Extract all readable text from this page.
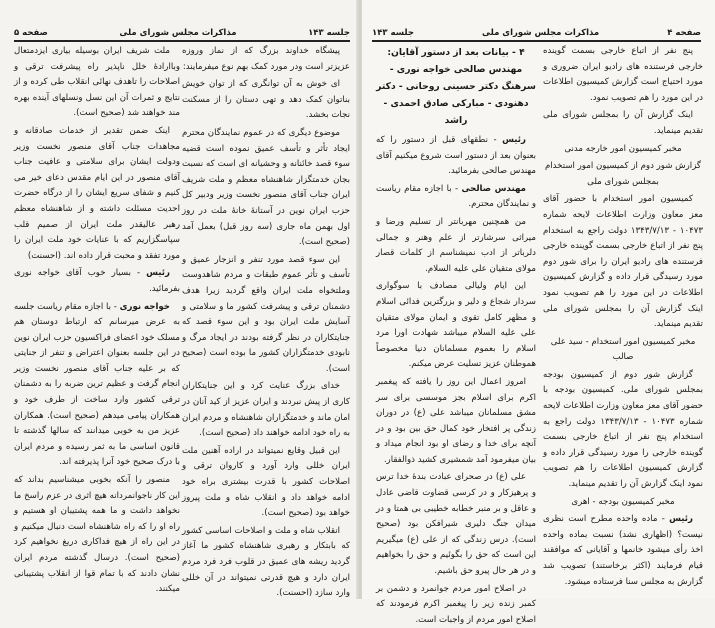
جلسه ۱۴۳
مذاکرات مجلس شورای ملی
صفحه ۵

پیشگاه خداوند بزرگ که از نماز وروزه عزیزتر است ودر مورد کمک بهم نوع میفرمایند:

ای خوش به آن توانگری که از توان خویش بناتوان کمک دهد و تهی دستان را از مسکنت نجات بخشد.

موضوع دیگری که در عموم نمایندگان محترم ایجاد تأثر و تأسف عمیق نموده است قضیه سوء قصد خائنانه و وحشیانه ای است که نسبت بجان خدمتگزار شاهنشاه معظم و ملت شریف ایران جناب آقای منصور نخست وزیر ودبیر کل حزب ایران نوین در آستانهٔ خانهٔ ملت در روز اول بهمن ماه جاری (سه روز قبل) بعمل آمد (صحیح است).

این سوء قصد مورد تنفر و انزجار عمیق و تأسف و تأثر عموم طبقات و مردم شاهدوست وملتخواه ملت ایران واقع گردید زیرا هدف دشمنان ترقی و پیشرفت کشور ما و سلامتی و آسایش ملت ایران بود و این سوء قصد که جنایتکاران در نظر گرفته بودند در ایجاد مرگ و نابودی خدمتگزاران کشور ما بوده است (صحیح است).

خدای بزرگ عنایت کرد و این جنایتکاران کاری از پیش نبردند و ایران عزیز از کید آنان در امان ماند و خدمتگزاران شاهنشاه و مردم ایران به راه خود ادامه خواهند داد (صحیح است).

این قبیل وقایع نمیتواند در اراده آهنین ملت ایران خللی وارد آورد و کاروان ترقی و اصلاحات کشور با قدرت بیشتری براه خود ادامه خواهد داد و انقلاب شاه و ملت پیروز خواهد بود (صحیح است).

انقلاب شاه و ملت و اصلاحات اساسی کشور که بابتکار و رهبری شاهنشاه کشور ما آغاز گردید ریشه های عمیق در قلوب فرد فرد مردم ایران دارد و هیچ قدرتی نمیتواند در آن خللی وارد سازد (احسنت).

ملت شریف ایران بوسیله بیاری ایزدمتعال وباارادهٔ خلل ناپذیر راه پیشرفت ترقی و اصلاحات را تاهدف نهائی انقلاب طی کرده و از نتایج و ثمرات آن این نسل ونسلهای آینده بهره مند خواهند شد (صحیح است).

اینک ضمن تقدیر از خدمات صادقانه و مجاهدات جناب آقای منصور نخست وزیر ودولت ایشان برای سلامتی و عافیت جناب آقای منصور در این ایام مقدس دعای خیر می کنیم و شفای سریع ایشان را از درگاه حضرت احدیت مسئلت داشته و از شاهنشاه معظم رهبر عالیقدر ملت ایران از صمیم قلب سپاسگزاریم که با عنایات خود ملت ایران را مورد تفقد و محبت قرار داده اند. (احسنت)

رئیس - بسیار خوب آقای خواجه نوری بفرمائید.

خواجه نوری - با اجازه مقام ریاست جلسه به عرض میرسانم که ارتباط دوستان هم مسلک خود اعضای فراکسیون حزب ایران نوین در این جلسه بعنوان اعتراض و تنفر از جنایتی که بر علیه جناب آقای منصور نخست وزیر انجام گرفت و عظیم ترین ضربه را به دشمنان ترقی کشور وارد ساخت از طرف خود و همکاران پیامی میدهم (صحیح است). همکاران عزیز من به خوبی میدانند که سالها گذشته تا قانون اساسی ما به ثمر رسیده و مردم ایران با درک صحیح خود آنرا پذیرفته اند.

منصور را آنکه بخوبی میشناسیم بداند که این کار ناجوانمردانه هیچ اثری در عزم راسخ ما نخواهد داشت و ما همه پشتیبان او هستیم و راه او را که راه شاهنشاه است دنبال میکنیم و در این راه از هیچ فداکاری دریغ نخواهیم کرد (صحیح است). درسال گذشته مردم ایران نشان دادند که با تمام قوا از انقلاب پشتیبانی میکنند.

صفحه ۴
مذاکرات مجلس شورای ملی
جلسه ۱۴۳

پنج نفر از اتباع خارجی بسمت گوینده خارجی فرستنده های رادیو ایران ضروری و مورد احتیاج است گزارش کمیسیون اطلاعات در این مورد را هم تصویب نمود.

اینک گزارش آن را بمجلس شورای ملی تقدیم مینماید.

مخبر کمیسیون امور خارجه مدنی

گزارش شور دوم از کمیسیون امور استخدام بمجلس شورای ملی

کمیسیون امور استخدام با حضور آقای معز معاون وزارت اطلاعات لایحه شماره ۱۰۴۷۳ - ۱۳۴۳/۷/۱۳ دولت راجع به استخدام پنج نفر از اتباع خارجی بسمت گوینده خارجی فرستنده های رادیو ایران را برای شور دوم مورد رسیدگی قرار داده و گزارش کمیسیون اطلاعات در این مورد را هم تصویب نمود اینک گزارش آن را بمجلس شورای ملی تقدیم مینماید.

مخبر کمیسیون امور استخدام - سید علی صالب

گزارش شور دوم از کمیسیون بودجه بمجلس شورای ملی. کمیسیون بودجه با حضور آقای معز معاون وزارت اطلاعات لایحه شماره ۱۰۴۷۳ - ۱۳۴۳/۷/۱۳ دولت راجع به استخدام پنج نفر از اتباع خارجی بسمت گوینده خارجی را مورد رسیدگی قرار داده و گزارش کمیسیون اطلاعات را هم تصویب نمود اینک گزارش آن را تقدیم مینماید.

مخبر کمیسیون بودجه - اهری

رئیس - ماده واحده مطرح است نظری نیست؟ (اظهاری نشد) نسبت بماده واحده اخذ رأی میشود خانمها و آقایانی که موافقند قیام فرمایند (اکثر برخاستند) تصویب شد گزارش به مجلس سنا فرستاده میشود.

۴ - بیانات بعد از دستور آقایان: مهندس صالحی خواجه نوری - سرهنگ دکتر حسینی روحانی - دکتر دهنودی - مبارکی صادق احمدی - راشد

رئیس - نطقهای قبل از دستور را که بعنوان بعد از دستور است شروع میکنیم آقای مهندس صالحی بفرمائید.

مهندس صالحی - با اجازه مقام ریاست و نمایندگان محترم.

من همچنین مهربانتر از تسلیم ورضا و میراثی سرشارتر از علم وهنر و جمالی دلرباتر از ادب نمیشناسم از کلمات قصار مولای متقیان علی علیه السلام.

این ایام ولیالی مصادف با سوگواری سردار شجاع و دلیر و بزرگترین فدائی اسلام و مظهر کامل تقوی و ایمان مولای متقیان علی علیه السلام میباشد شهادت اورا مرد اسلام را بعموم مسلمانان دنیا مخصوصاً هموطنان عزیز تسلیت عرض میکنم.

امروز اعمال این روز را یافته که پیغمبر اکرم برای اسلام بجز موسسی برای سر مشق مسلمانان میباشد علی (ع) در دوران زندگی پر افتخار خود کمال حق بین بود و در آنچه برای خدا و رضای او بود انجام میداد و بیان میفرمود آمد شمشیری کشید ذوالفقار.

علی (ع) در صحرای عبادت بندهٔ خدا ترس و پرهیزکار و در کرسی قضاوت قاضی عادل و عاقل و بر منبر خطابه خطیبی بی همتا و در میدان جنگ دلیری شیرافکن بود (صحیح است). درس زندگی که از علی (ع) میگیریم این است که حق را بگوئیم و حق را بخواهیم و در هر حال پیرو حق باشیم.

در اصلاح امور مردم جوانمرد و دشمن بر کمبر زنده زیر را پیغمبر اکرم فرمودند که اصلاح امور مردم از واجبات است.
